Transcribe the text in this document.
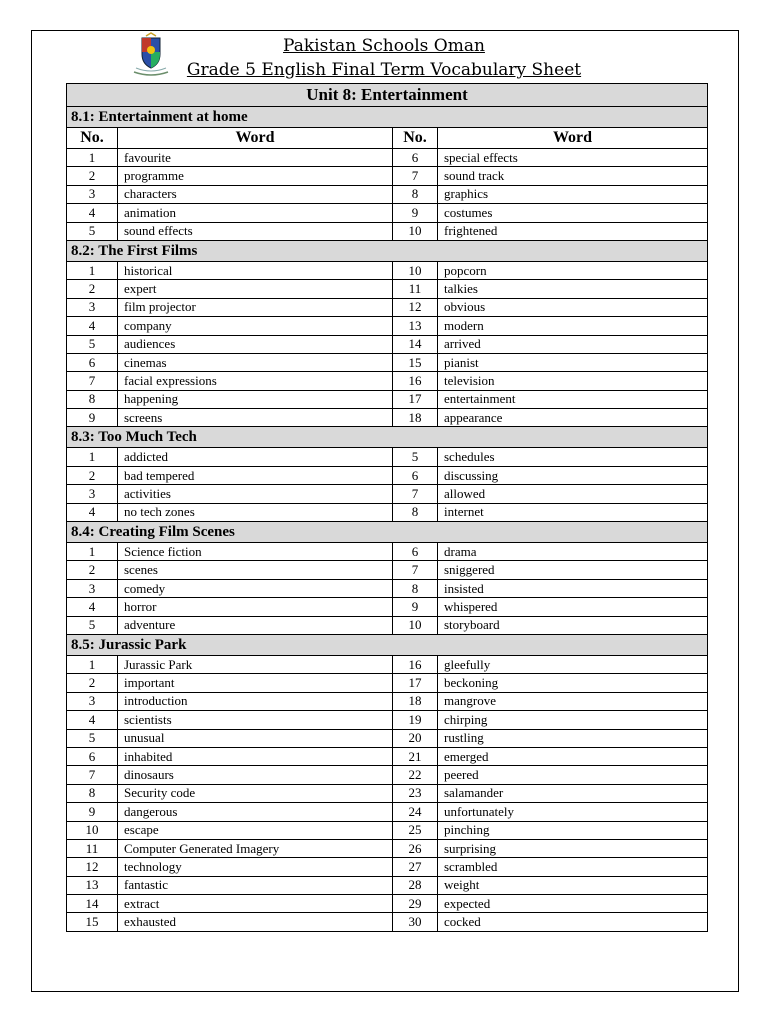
Pakistan Schools Oman
Grade 5 English Final Term Vocabulary Sheet
Unit 8: Entertainment			
8.1: Entertainment at home			
No.	Word	No.	Word
1	favourite	6	special effects
2	programme	7	sound track
3	characters	8	graphics
4	animation	9	costumes
5	sound effects	10	frightened
8.2: The First Films			
1	historical	10	popcorn
2	expert	11	talkies
3	film projector	12	obvious
4	company	13	modern
5	audiences	14	arrived
6	cinemas	15	pianist
7	facial expressions	16	television
8	happening	17	entertainment
9	screens	18	appearance
8.3: Too Much Tech			
1	addicted	5	schedules
2	bad tempered	6	discussing
3	activities	7	allowed
4	no tech zones	8	internet
8.4: Creating Film Scenes			
1	Science fiction	6	drama
2	scenes	7	sniggered
3	comedy	8	insisted
4	horror	9	whispered
5	adventure	10	storyboard
8.5: Jurassic Park			
1	Jurassic Park	16	gleefully
2	important	17	beckoning
3	introduction	18	mangrove
4	scientists	19	chirping
5	unusual	20	rustling
6	inhabited	21	emerged
7	dinosaurs	22	peered
8	Security code	23	salamander
9	dangerous	24	unfortunately
10	escape	25	pinching
11	Computer Generated Imagery	26	surprising
12	technology	27	scrambled
13	fantastic	28	weight
14	extract	29	expected
15	exhausted	30	cocked
